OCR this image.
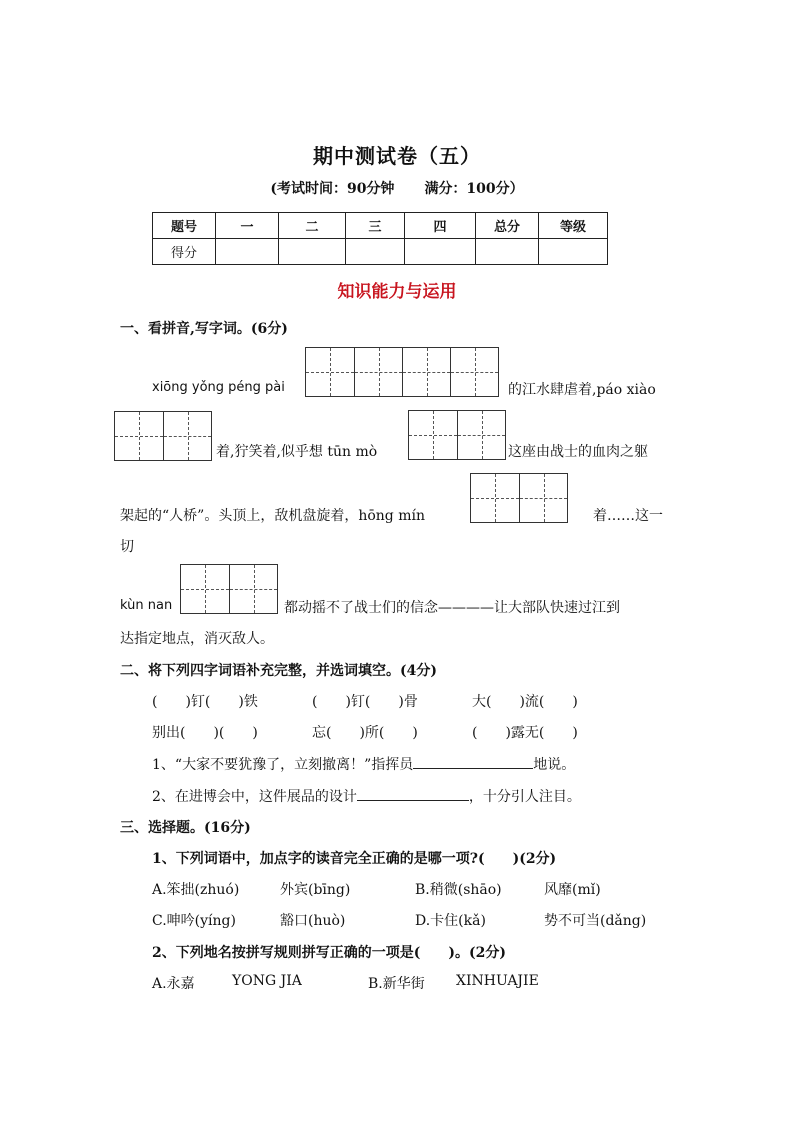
期中测试卷（五）
(考试时间：90分钟 满分：100分）
题号	一	二	三	四	总分	等级
得分						
知识能力与运用
一、看拼音,写字词。(6分)
xiōng yǒng péng pài	的江水肆虐着,páo xiào
着,狞笑着,似乎想 tūn mò	这座由战士的血肉之躯
架起的“人桥”。头顶上，敌机盘旋着，hōng mín	着……这一
切
kùn nan	都动摇不了战士们的信念————让大部队快速过江到
达指定地点，消灭敌人。
二、将下列四字词语补充完整，并选词填空。(4分)
(　　)钉(　　)铁	(　　)钉(　　)骨	大(　　)流(　　)
别出(　　)(　　)	忘(　　)所(　　)	(　　)露无(　　)
1、“大家不要犹豫了，立刻撤离！”指挥员	地说。
2、在进博会中，这件展品的设计	，十分引人注目。
三、选择题。(16分)
1、下列词语中，加点字的读音完全正确的是哪一项?(　　)(2分)
A.笨拙(zhuó)	外宾(bīng)	B.稍微(shāo)	风靡(mǐ)
C.呻吟(yíng)	豁口(huò)	D.卡住(kǎ)	势不可当(dǎng)
2、下列地名按拼写规则拼写正确的一项是(　　)。(2分)
A.永嘉	YONG JIA	B.新华街 XINHUAJIE
